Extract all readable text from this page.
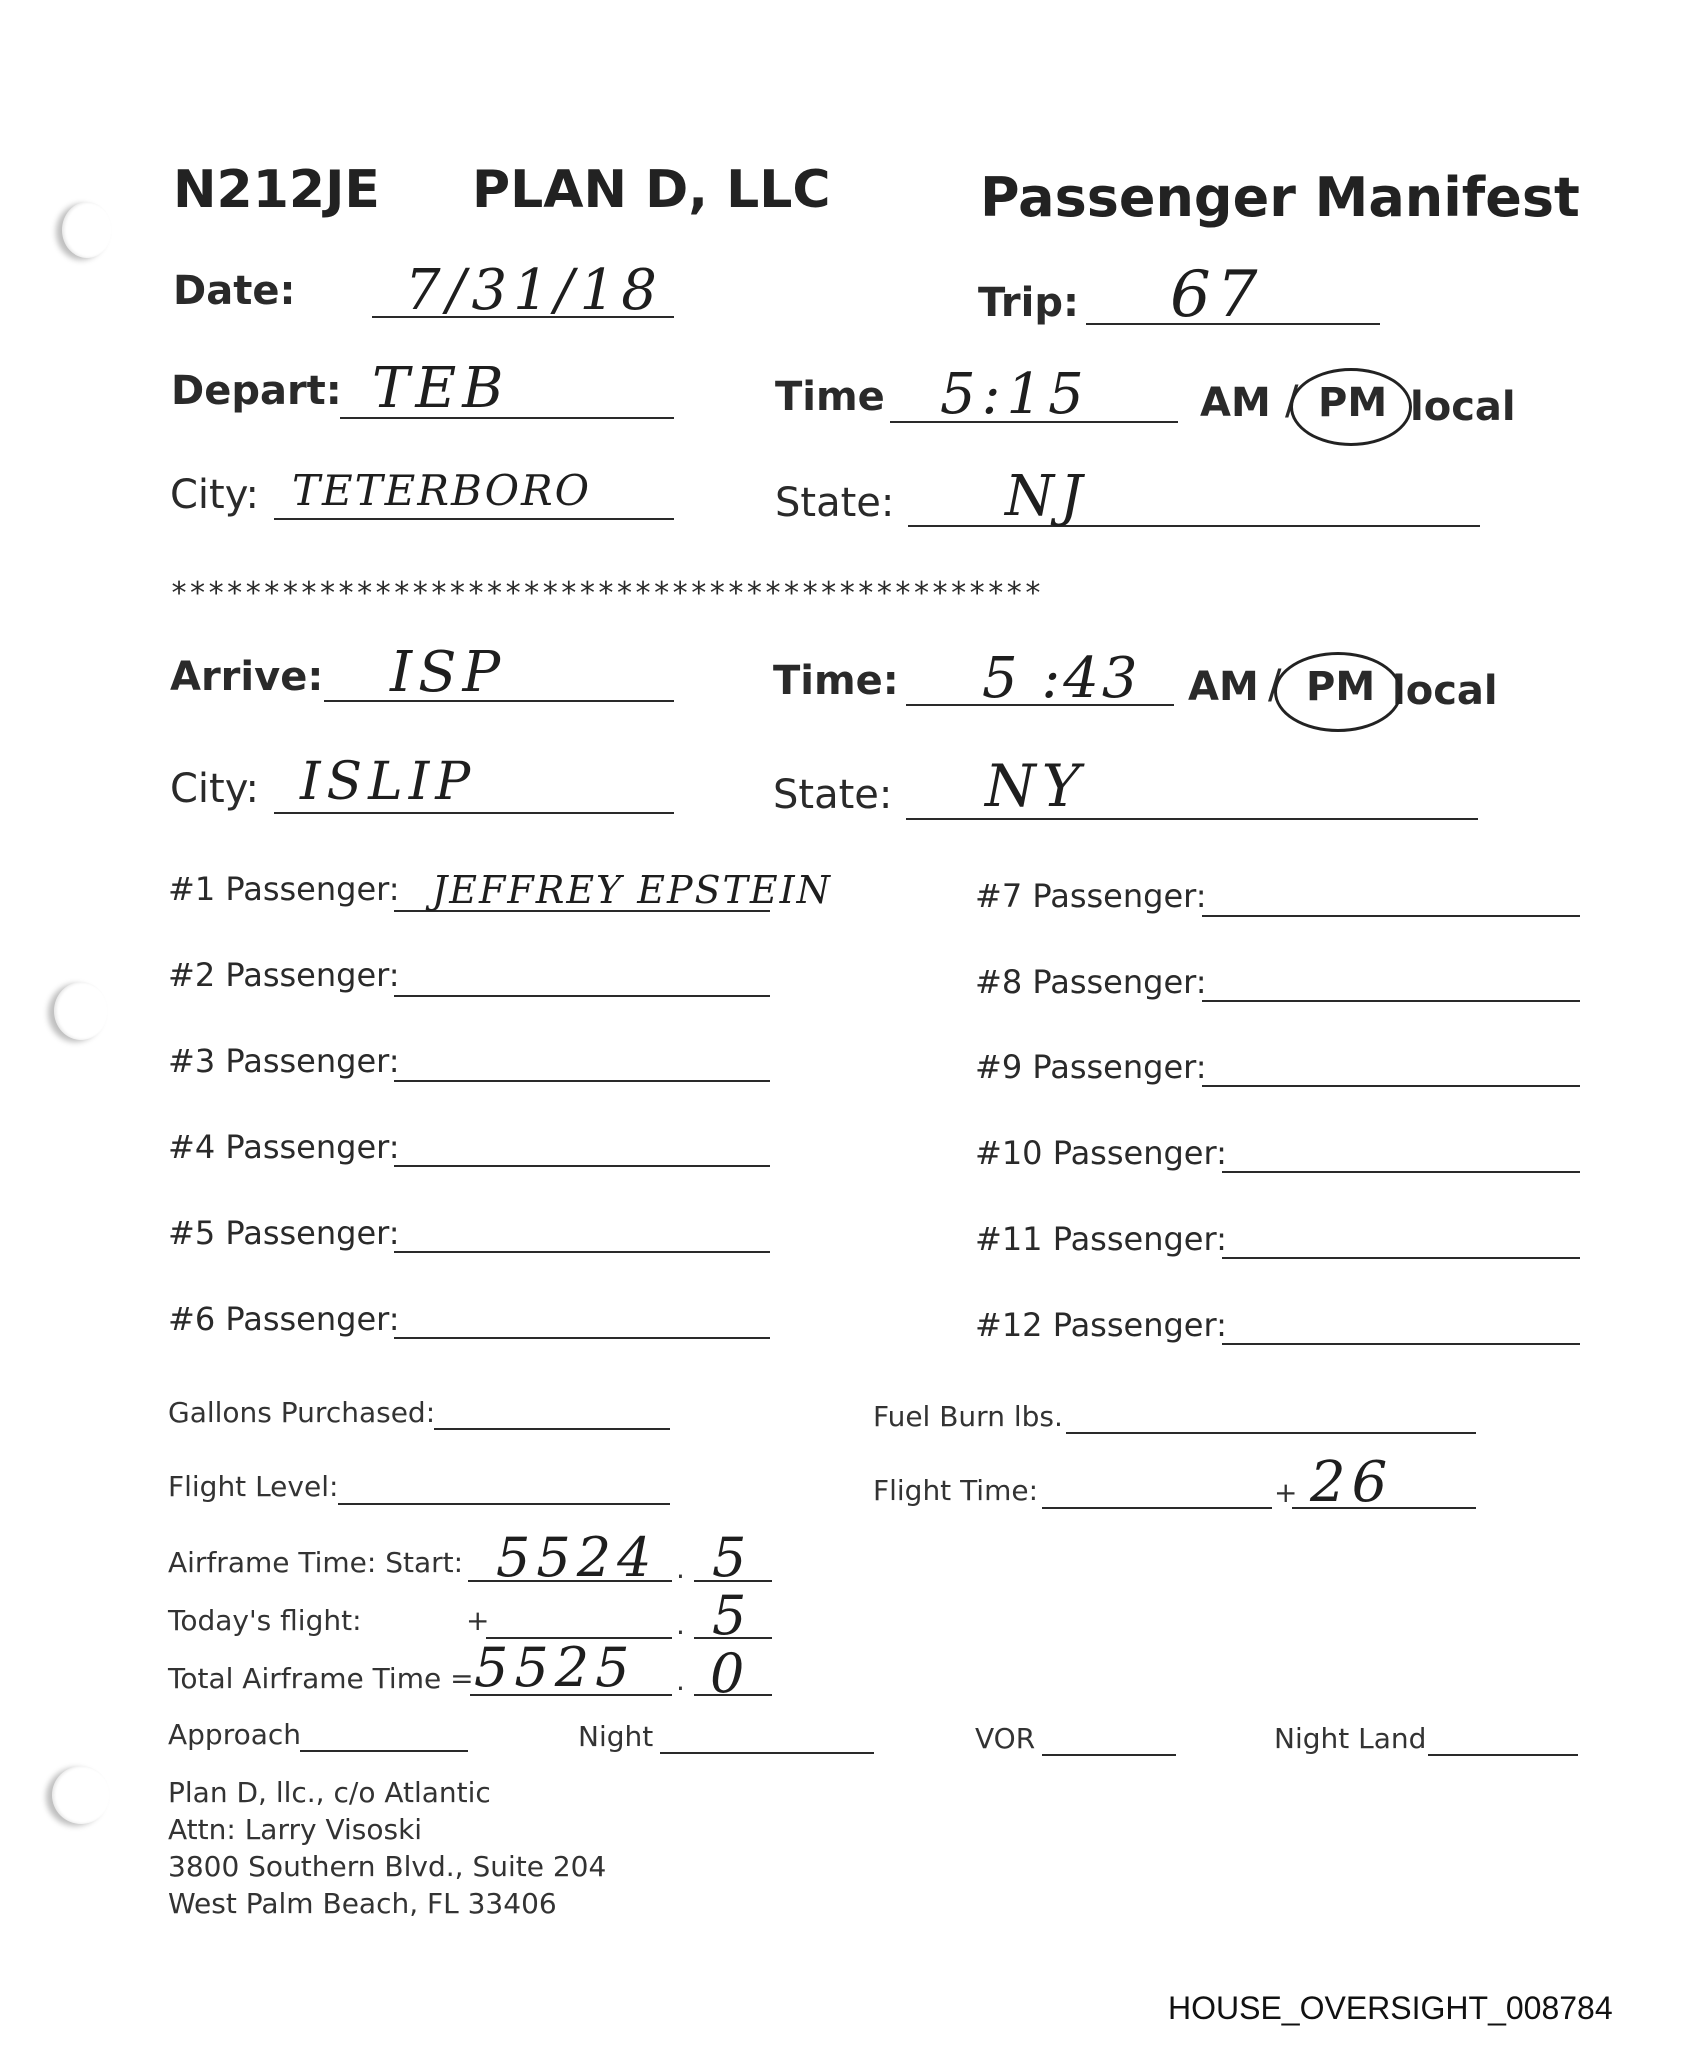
N212JE PLAN D, LLC	Passenger Manifest
Date: 7/31/18	Trip: 67
Depart: TEB	Time 5:15	AM / PM local
City: TETERBORO	State: NJ
***********************************************
Arrive: ISP	Time: 5 :43 AM / PM local
City: ISLIP	State: NY
#1 Passenger: JEFFREY EPSTEIN
#2 Passenger:
#3 Passenger:
#4 Passenger:
#5 Passenger:
#6 Passenger:
#7 Passenger:
#8 Passenger:
#9 Passenger:
#10 Passenger:
#11 Passenger:
#12 Passenger:
Gallons Purchased:	Fuel Burn lbs.
Flight Level:	Flight Time:	+ 26
Airframe Time: Start: 5524 . 5
Today's flight:	+	. 5
Total Airframe Time = 5525 . 0
Approach	Night	VOR	Night Land
Plan D, llc., c/o Atlantic
Attn: Larry Visoski
3800 Southern Blvd., Suite 204
West Palm Beach, FL 33406
HOUSE_OVERSIGHT_008784
